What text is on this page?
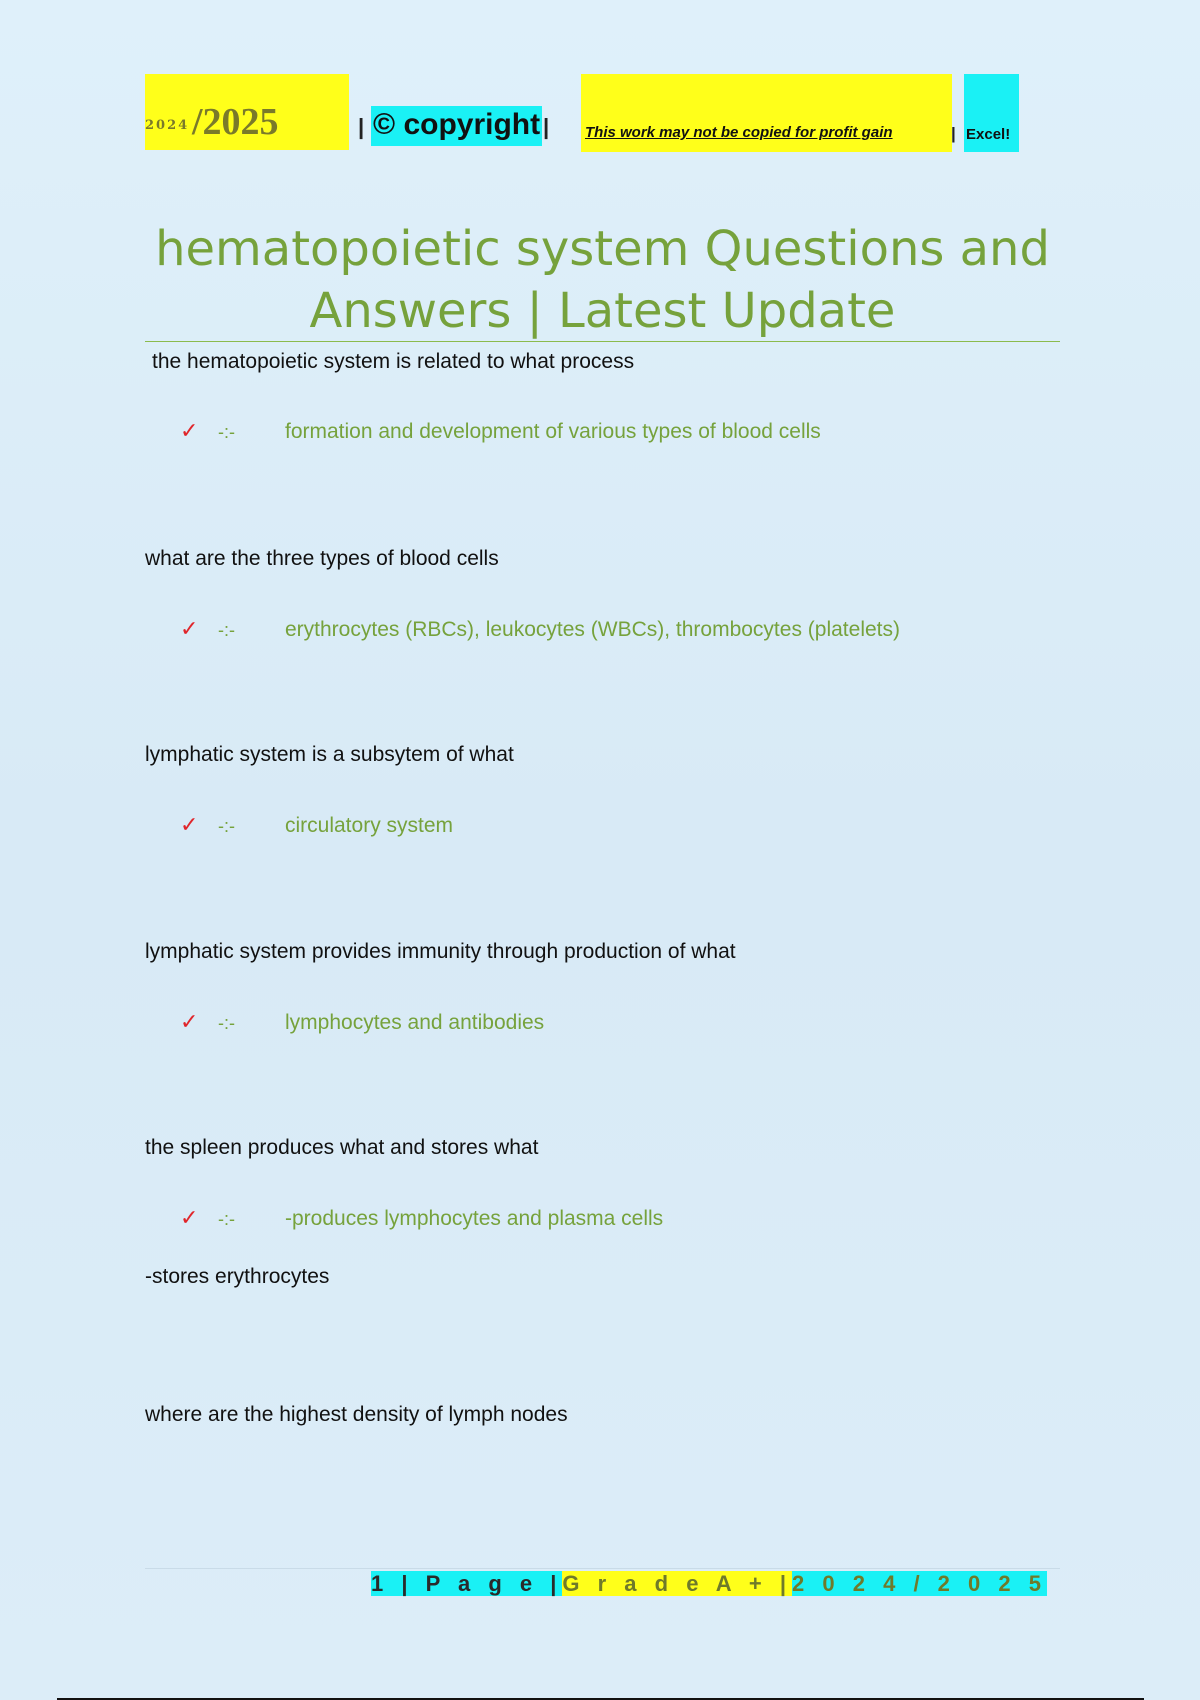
2024 /2025	| © copyright | This work may not be copied for profit gain	| Excel!
hematopoietic system Questions and
Answers | Latest Update
the hematopoietic system is related to what process
✓ -:- formation and development of various types of blood cells
what are the three types of blood cells
✓ -:- erythrocytes (RBCs), leukocytes (WBCs), thrombocytes (platelets)
lymphatic system is a subsytem of what
✓ -:- circulatory system
lymphatic system provides immunity through production of what
✓ -:- lymphocytes and antibodies
the spleen produces what and stores what
✓ -:- -produces lymphocytes and plasma cells
-stores erythrocytes
where are the highest density of lymph nodes
1 | P a g e |G r a d e A + |2 0 2 4 / 2 0 2 5
